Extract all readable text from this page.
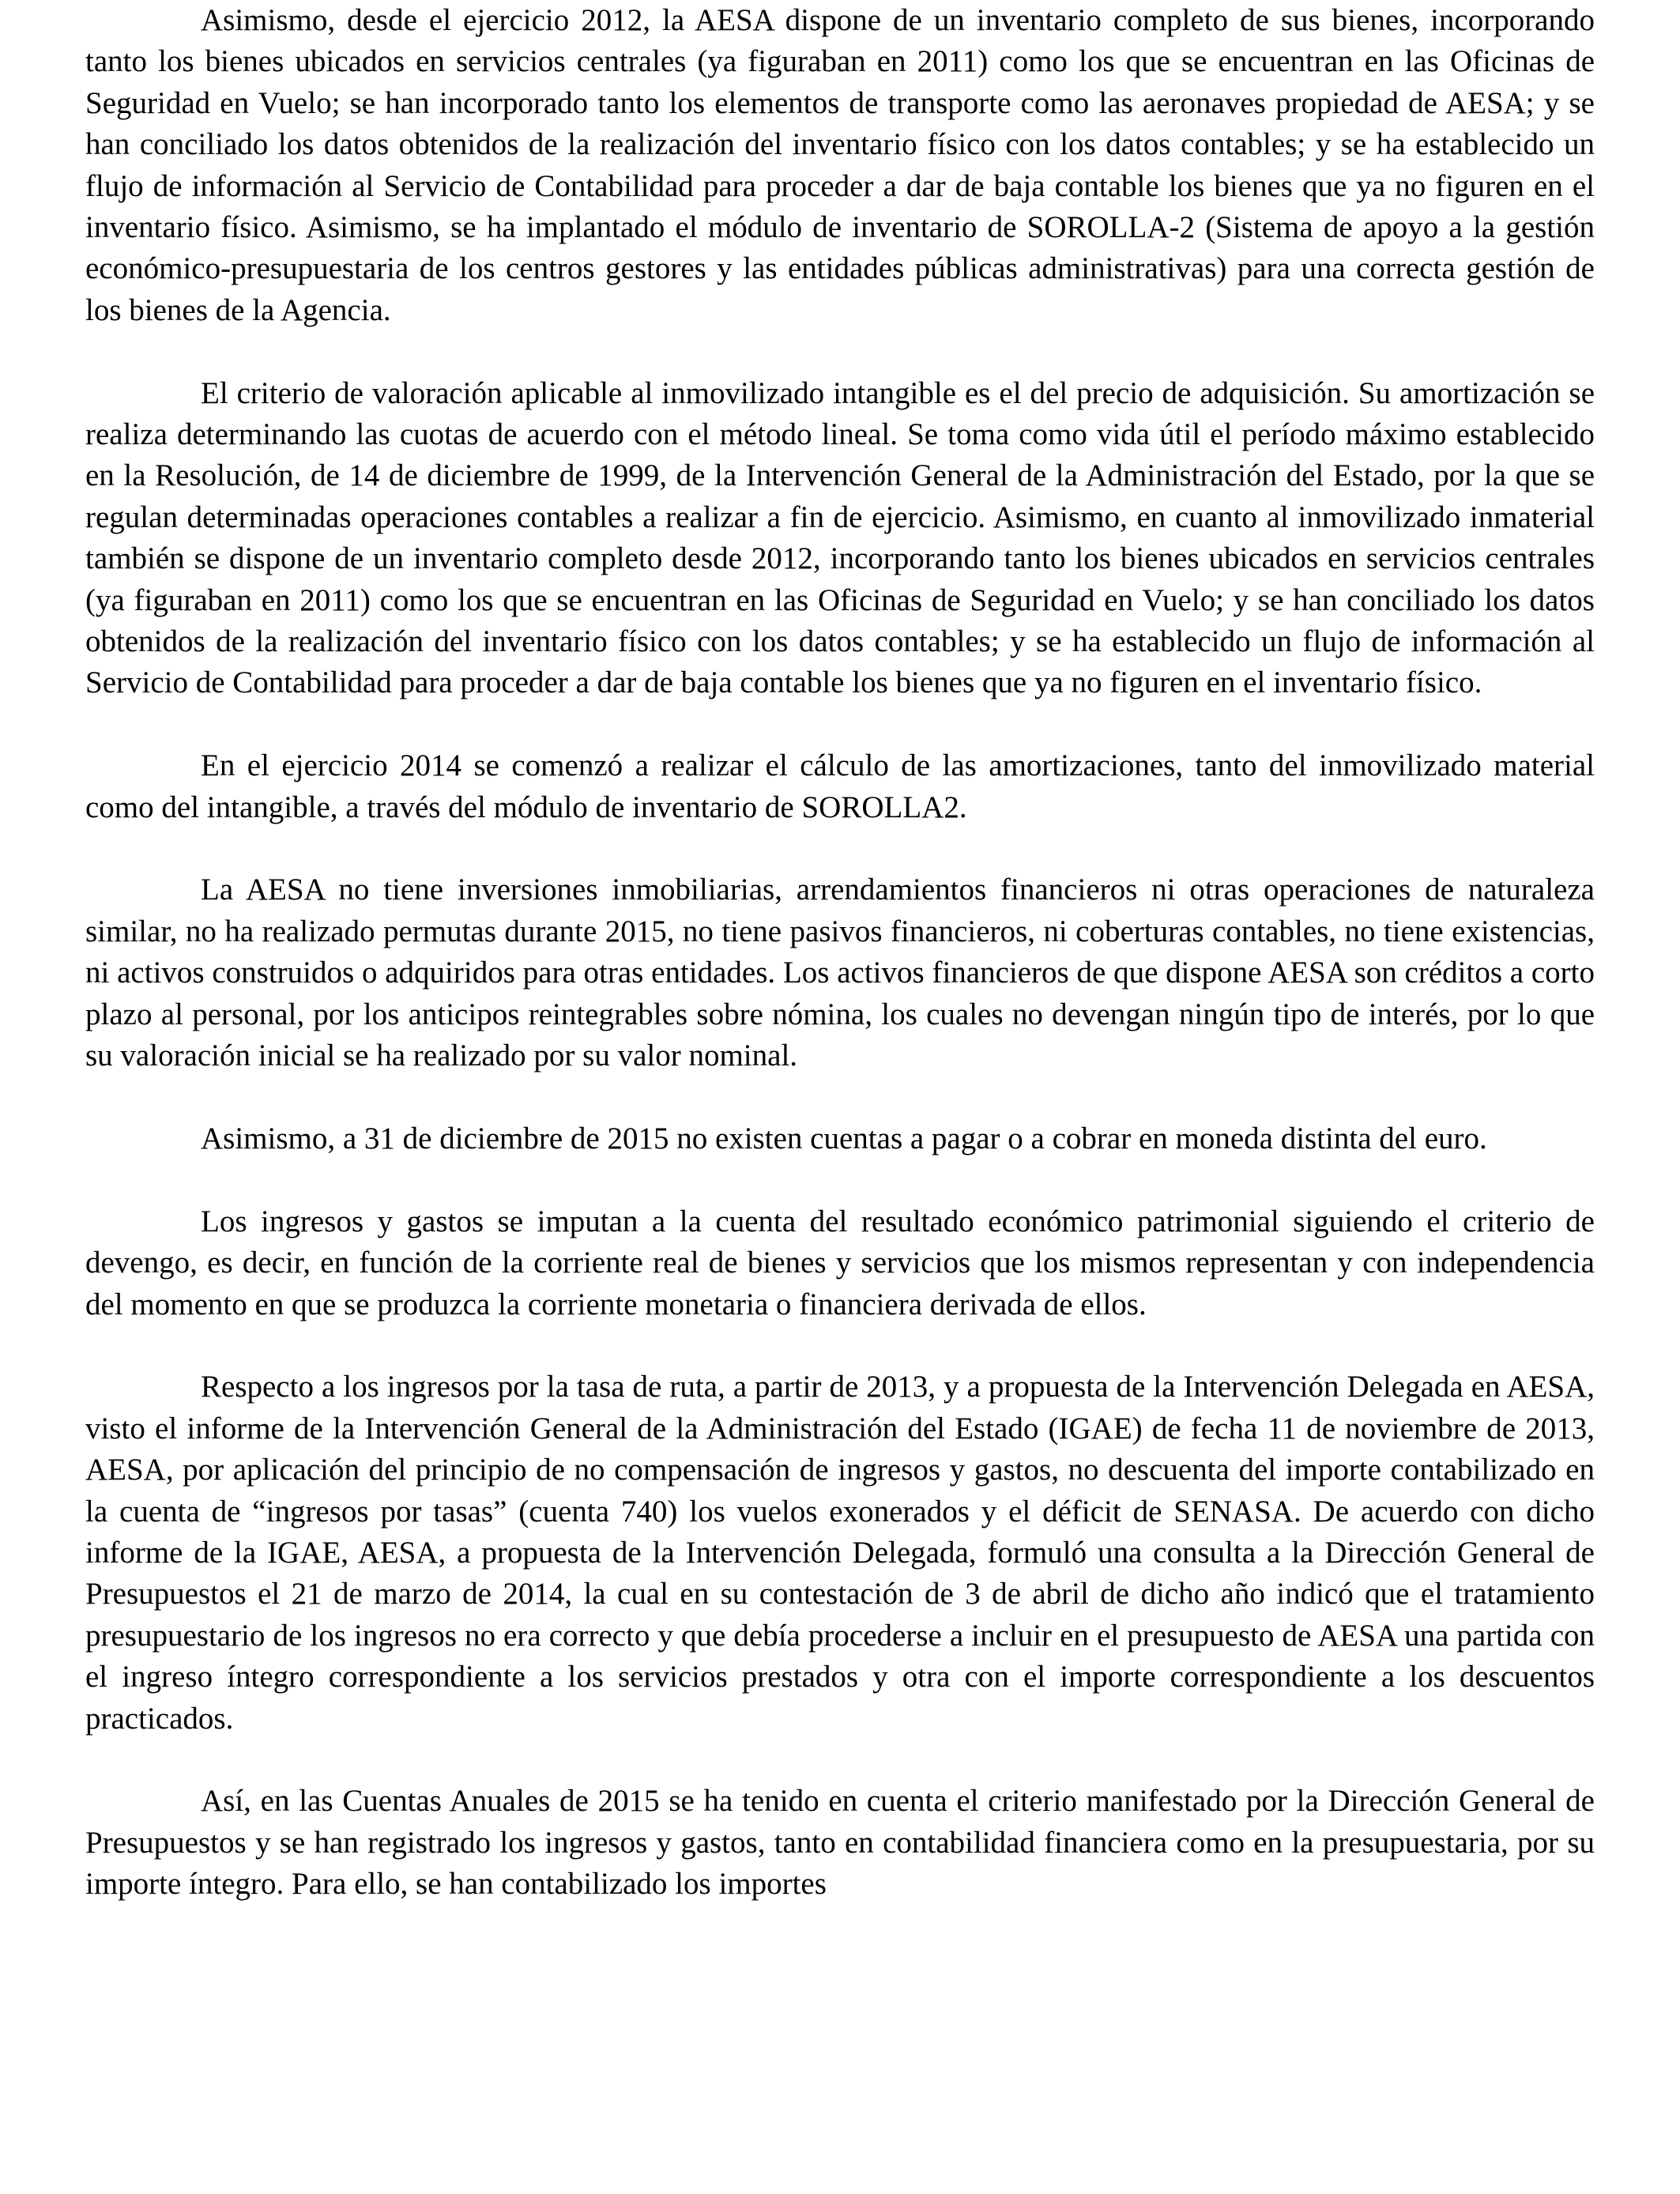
Asimismo, desde el ejercicio 2012, la AESA dispone de un inventario completo de sus bienes, incorporando tanto los bienes ubicados en servicios centrales (ya figuraban en 2011) como los que se encuentran en las Oficinas de Seguridad en Vuelo; se han incorporado tanto los elementos de transporte como las aeronaves propiedad de AESA; y se han conciliado los datos obtenidos de la realización del inventario físico con los datos contables; y se ha establecido un flujo de información al Servicio de Contabilidad para proceder a dar de baja contable los bienes que ya no figuren en el inventario físico. Asimismo, se ha implantado el módulo de inventario de SOROLLA-2 (Sistema de apoyo a la gestión económico-presupuestaria de los centros gestores y las entidades públicas administrativas) para una correcta gestión de los bienes de la Agencia.

El criterio de valoración aplicable al inmovilizado intangible es el del precio de adquisición. Su amortización se realiza determinando las cuotas de acuerdo con el método lineal. Se toma como vida útil el período máximo establecido en la Resolución, de 14 de diciembre de 1999, de la Intervención General de la Administración del Estado, por la que se regulan determinadas operaciones contables a realizar a fin de ejercicio. Asimismo, en cuanto al inmovilizado inmaterial también se dispone de un inventario completo desde 2012, incorporando tanto los bienes ubicados en servicios centrales (ya figuraban en 2011) como los que se encuentran en las Oficinas de Seguridad en Vuelo; y se han conciliado los datos obtenidos de la realización del inventario físico con los datos contables; y se ha establecido un flujo de información al Servicio de Contabilidad para proceder a dar de baja contable los bienes que ya no figuren en el inventario físico.

En el ejercicio 2014 se comenzó a realizar el cálculo de las amortizaciones, tanto del inmovilizado material como del intangible, a través del módulo de inventario de SOROLLA2.

La AESA no tiene inversiones inmobiliarias, arrendamientos financieros ni otras operaciones de naturaleza similar, no ha realizado permutas durante 2015, no tiene pasivos financieros, ni coberturas contables, no tiene existencias, ni activos construidos o adquiridos para otras entidades. Los activos financieros de que dispone AESA son créditos a corto plazo al personal, por los anticipos reintegrables sobre nómina, los cuales no devengan ningún tipo de interés, por lo que su valoración inicial se ha realizado por su valor nominal.

Asimismo, a 31 de diciembre de 2015 no existen cuentas a pagar o a cobrar en moneda distinta del euro.

Los ingresos y gastos se imputan a la cuenta del resultado económico patrimonial siguiendo el criterio de devengo, es decir, en función de la corriente real de bienes y servicios que los mismos representan y con independencia del momento en que se produzca la corriente monetaria o financiera derivada de ellos.

Respecto a los ingresos por la tasa de ruta, a partir de 2013, y a propuesta de la Intervención Delegada en AESA, visto el informe de la Intervención General de la Administración del Estado (IGAE) de fecha 11 de noviembre de 2013, AESA, por aplicación del principio de no compensación de ingresos y gastos, no descuenta del importe contabilizado en la cuenta de “ingresos por tasas” (cuenta 740) los vuelos exonerados y el déficit de SENASA. De acuerdo con dicho informe de la IGAE, AESA, a propuesta de la Intervención Delegada, formuló una consulta a la Dirección General de Presupuestos el 21 de marzo de 2014, la cual en su contestación de 3 de abril de dicho año indicó que el tratamiento presupuestario de los ingresos no era correcto y que debía procederse a incluir en el presupuesto de AESA una partida con el ingreso íntegro correspondiente a los servicios prestados y otra con el importe correspondiente a los descuentos practicados.

Así, en las Cuentas Anuales de 2015 se ha tenido en cuenta el criterio manifestado por la Dirección General de Presupuestos y se han registrado los ingresos y gastos, tanto en contabilidad financiera como en la presupuestaria, por su importe íntegro. Para ello, se han contabilizado los importes
